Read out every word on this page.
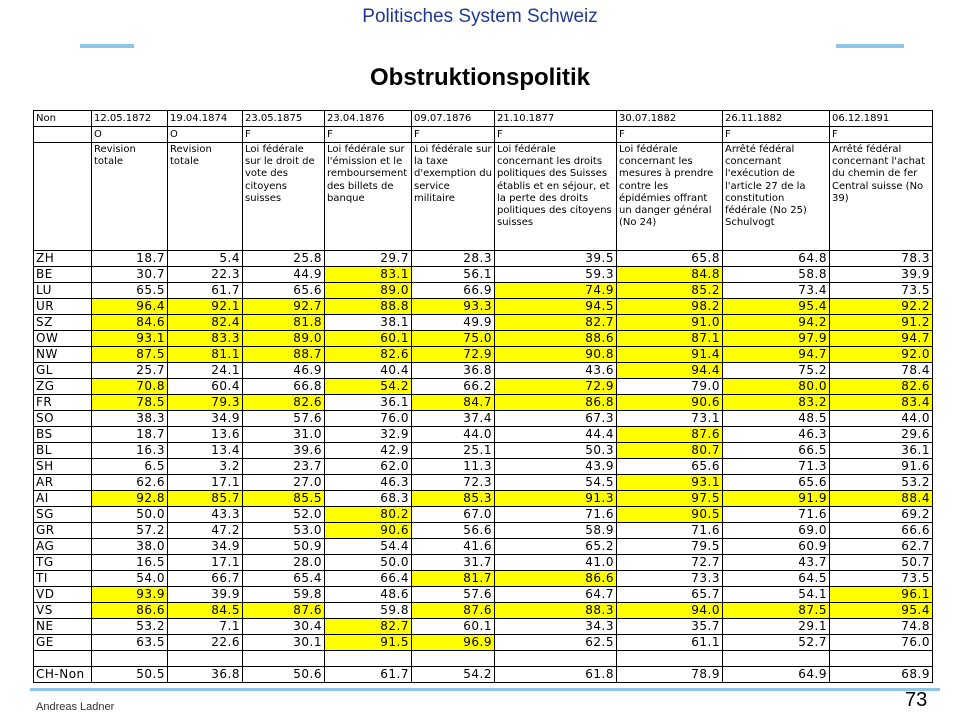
Politisches System Schweiz
Obstruktionspolitik
Non	12.05.1872	19.04.1874	23.05.1875	23.04.1876	09.07.1876	21.10.1877	30.07.1882	26.11.1882	06.12.1891
	O	O	F	F	F	F	F	F	F
	Revision totale	Revision totale	Loi fédérale sur le droit de vote des citoyens suisses	Loi fédérale sur l'émission et le remboursement des billets de banque	Loi fédérale sur la taxe d'exemption du service militaire	Loi fédérale concernant les droits politiques des Suisses établis et en séjour, et la perte des droits politiques des citoyens suisses	Loi fédérale concernant les mesures à prendre contre les épidémies offrant un danger général (No 24)	Arrêté fédéral concernant l'exécution de l'article 27 de la constitution fédérale (No 25) Schulvogt	Arrêté fédéral concernant l'achat du chemin de fer Central suisse (No 39)
ZH	18.7	5.4	25.8	29.7	28.3	39.5	65.8	64.8	78.3
BE	30.7	22.3	44.9	83.1	56.1	59.3	84.8	58.8	39.9
LU	65.5	61.7	65.6	89.0	66.9	74.9	85.2	73.4	73.5
UR	96.4	92.1	92.7	88.8	93.3	94.5	98.2	95.4	92.2
SZ	84.6	82.4	81.8	38.1	49.9	82.7	91.0	94.2	91.2
OW	93.1	83.3	89.0	60.1	75.0	88.6	87.1	97.9	94.7
NW	87.5	81.1	88.7	82.6	72.9	90.8	91.4	94.7	92.0
GL	25.7	24.1	46.9	40.4	36.8	43.6	94.4	75.2	78.4
ZG	70.8	60.4	66.8	54.2	66.2	72.9	79.0	80.0	82.6
FR	78.5	79.3	82.6	36.1	84.7	86.8	90.6	83.2	83.4
SO	38.3	34.9	57.6	76.0	37.4	67.3	73.1	48.5	44.0
BS	18.7	13.6	31.0	32.9	44.0	44.4	87.6	46.3	29.6
BL	16.3	13.4	39.6	42.9	25.1	50.3	80.7	66.5	36.1
SH	6.5	3.2	23.7	62.0	11.3	43.9	65.6	71.3	91.6
AR	62.6	17.1	27.0	46.3	72.3	54.5	93.1	65.6	53.2
AI	92.8	85.7	85.5	68.3	85.3	91.3	97.5	91.9	88.4
SG	50.0	43.3	52.0	80.2	67.0	71.6	90.5	71.6	69.2
GR	57.2	47.2	53.0	90.6	56.6	58.9	71.6	69.0	66.6
AG	38.0	34.9	50.9	54.4	41.6	65.2	79.5	60.9	62.7
TG	16.5	17.1	28.0	50.0	31.7	41.0	72.7	43.7	50.7
TI	54.0	66.7	65.4	66.4	81.7	86.6	73.3	64.5	73.5
VD	93.9	39.9	59.8	48.6	57.6	64.7	65.7	54.1	96.1
VS	86.6	84.5	87.6	59.8	87.6	88.3	94.0	87.5	95.4
NE	53.2	7.1	30.4	82.7	60.1	34.3	35.7	29.1	74.8
GE	63.5	22.6	30.1	91.5	96.9	62.5	61.1	52.7	76.0

CH-Non	50.5	36.8	50.6	61.7	54.2	61.8	78.9	64.9	68.9
Andreas Ladner	73
